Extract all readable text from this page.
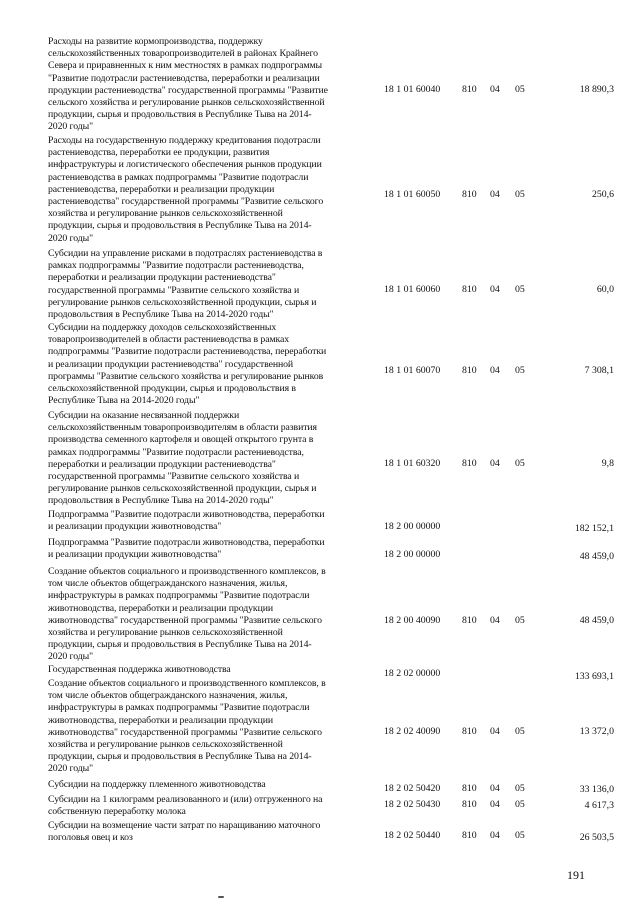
Расходы на развитие кормопроизводства, поддержку
сельскохозяйственных товаропроизводителей в районах Крайнего
Севера и приравненных к ним местностях в рамках подпрограммы
"Развитие подотрасли растениеводства, переработки и реализации
продукции растениеводства" государственной программы "Развитие
сельского хозяйства и регулирование рынков сельскохозяйственной
продукции, сырья и продовольствия в Республике Тыва на 2014-
2020 годы"
18 1 01 60040 810 04 05	18 890,3
Расходы на государственную поддержку кредитования подотрасли
растениеводства, переработки ее продукции, развития
инфраструктуры и логистического обеспечения рынков продукции
растениеводства в рамках подпрограммы "Развитие подотрасли
растениеводства, переработки и реализации продукции
растениеводства" государственной программы "Развитие сельского
хозяйства и регулирование рынков сельскохозяйственной
продукции, сырья и продовольствия в Республике Тыва на 2014-
2020 годы"
18 1 01 60050 810 04 05	250,6
Субсидии на управление рисками в подотраслях растениеводства в
рамках подпрограммы "Развитие подотрасли растениеводства,
переработки и реализации продукции растениеводства"
государственной программы "Развитие сельского хозяйства и
регулирование рынков сельскохозяйственной продукции, сырья и
продовольствия в Республике Тыва на 2014-2020 годы"
18 1 01 60060 810 04 05	60,0
Субсидии на поддержку доходов сельскохозяйственных
товаропроизводителей в области растениеводства в рамках
подпрограммы "Развитие подотрасли растениеводства, переработки
и реализации продукции растениеводства" государственной
программы "Развитие сельского хозяйства и регулирование рынков
сельскохозяйственной продукции, сырья и продовольствия в
Республике Тыва на 2014-2020 годы"
18 1 01 60070 810 04 05	7 308,1
Субсидии на оказание несвязанной поддержки
сельскохозяйственным товаропроизводителям в области развития
производства семенного картофеля и овощей открытого грунта в
рамках подпрограммы "Развитие подотрасли растениеводства,
переработки и реализации продукции растениеводства"
государственной программы "Развитие сельского хозяйства и
регулирование рынков сельскохозяйственной продукции, сырья и
продовольствия в Республике Тыва на 2014-2020 годы"
18 1 01 60320 810 04 05	9,8
Подпрограмма "Развитие подотрасли животноводства, переработки
и реализации продукции животноводства"	18 2 00 00000	182 152,1
Подпрограмма "Развитие подотрасли животноводства, переработки
и реализации продукции животноводства"	18 2 00 00000	48 459,0
Создание объектов социального и производственного комплексов, в
том числе объектов общегражданского назначения, жилья,
инфраструктуры в рамках подпрограммы "Развитие подотрасли
животноводства, переработки и реализации продукции
животноводства" государственной программы "Развитие сельского
хозяйства и регулирование рынков сельскохозяйственной
продукции, сырья и продовольствия в Республике Тыва на 2014-
2020 годы"
18 2 00 40090 810 04 05	48 459,0
Государственная поддержка животноводства	18 2 02 00000	133 693,1
Создание объектов социального и производственного комплексов, в
том числе объектов общегражданского назначения, жилья,
инфраструктуры в рамках подпрограммы "Развитие подотрасли
животноводства, переработки и реализации продукции
животноводства" государственной программы "Развитие сельского
хозяйства и регулирование рынков сельскохозяйственной
продукции, сырья и продовольствия в Республике Тыва на 2014-
2020 годы"
18 2 02 40090 810 04 05	13 372,0
Субсидии на поддержку племенного животноводства	18 2 02 50420 810 04 05	33 136,0
Субсидии на 1 килограмм реализованного и (или) отгруженного на
собственную переработку молока
18 2 02 50430 810 04 05	4 617,3
Субсидии на возмещение части затрат по наращиванию маточного
поголовья овец и коз	18 2 02 50440 810 04 05	26 503,5
191
